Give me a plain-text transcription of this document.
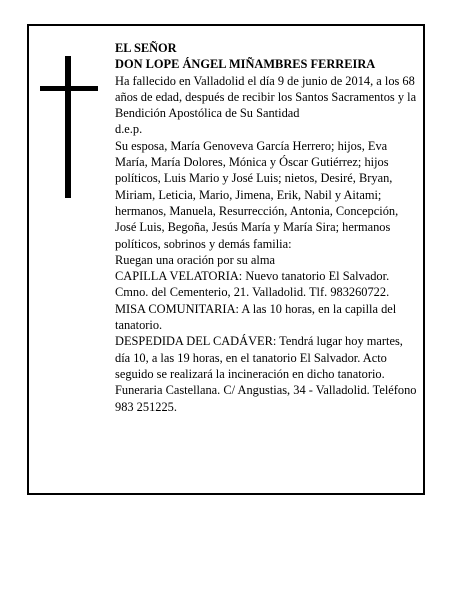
EL SEÑOR

DON LOPE ÁNGEL MIÑAMBRES FERREIRA

Ha fallecido en Valladolid el día 9 de junio de 2014, a los 68 años de edad, después de recibir los Santos Sacramentos y la Bendición Apostólica de Su Santidad

d.e.p.

Su esposa, María Genoveva García Herrero; hijos, Eva María, María Dolores, Mónica y Óscar Gutiérrez; hijos políticos, Luis Mario y José Luis; nietos, Desiré, Bryan, Miriam, Leticia, Mario, Jimena, Erik, Nabil y Aitami; hermanos, Manuela, Resurrección, Antonia, Concepción, José Luis, Begoña, Jesús María y María Sira; hermanos políticos, sobrinos y demás familia:

Ruegan una oración por su alma

CAPILLA VELATORIA: Nuevo tanatorio El Salvador. Cmno. del Cementerio, 21. Valladolid. Tlf. 983260722.

MISA COMUNITARIA: A las 10 horas, en la capilla del tanatorio.

DESPEDIDA DEL CADÁVER: Tendrá lugar hoy martes, día 10, a las 19 horas, en el tanatorio El Salvador. Acto seguido se realizará la incineración en dicho tanatorio.

Funeraria Castellana. C/ Angustias, 34 - Valladolid. Teléfono 983 251225.
